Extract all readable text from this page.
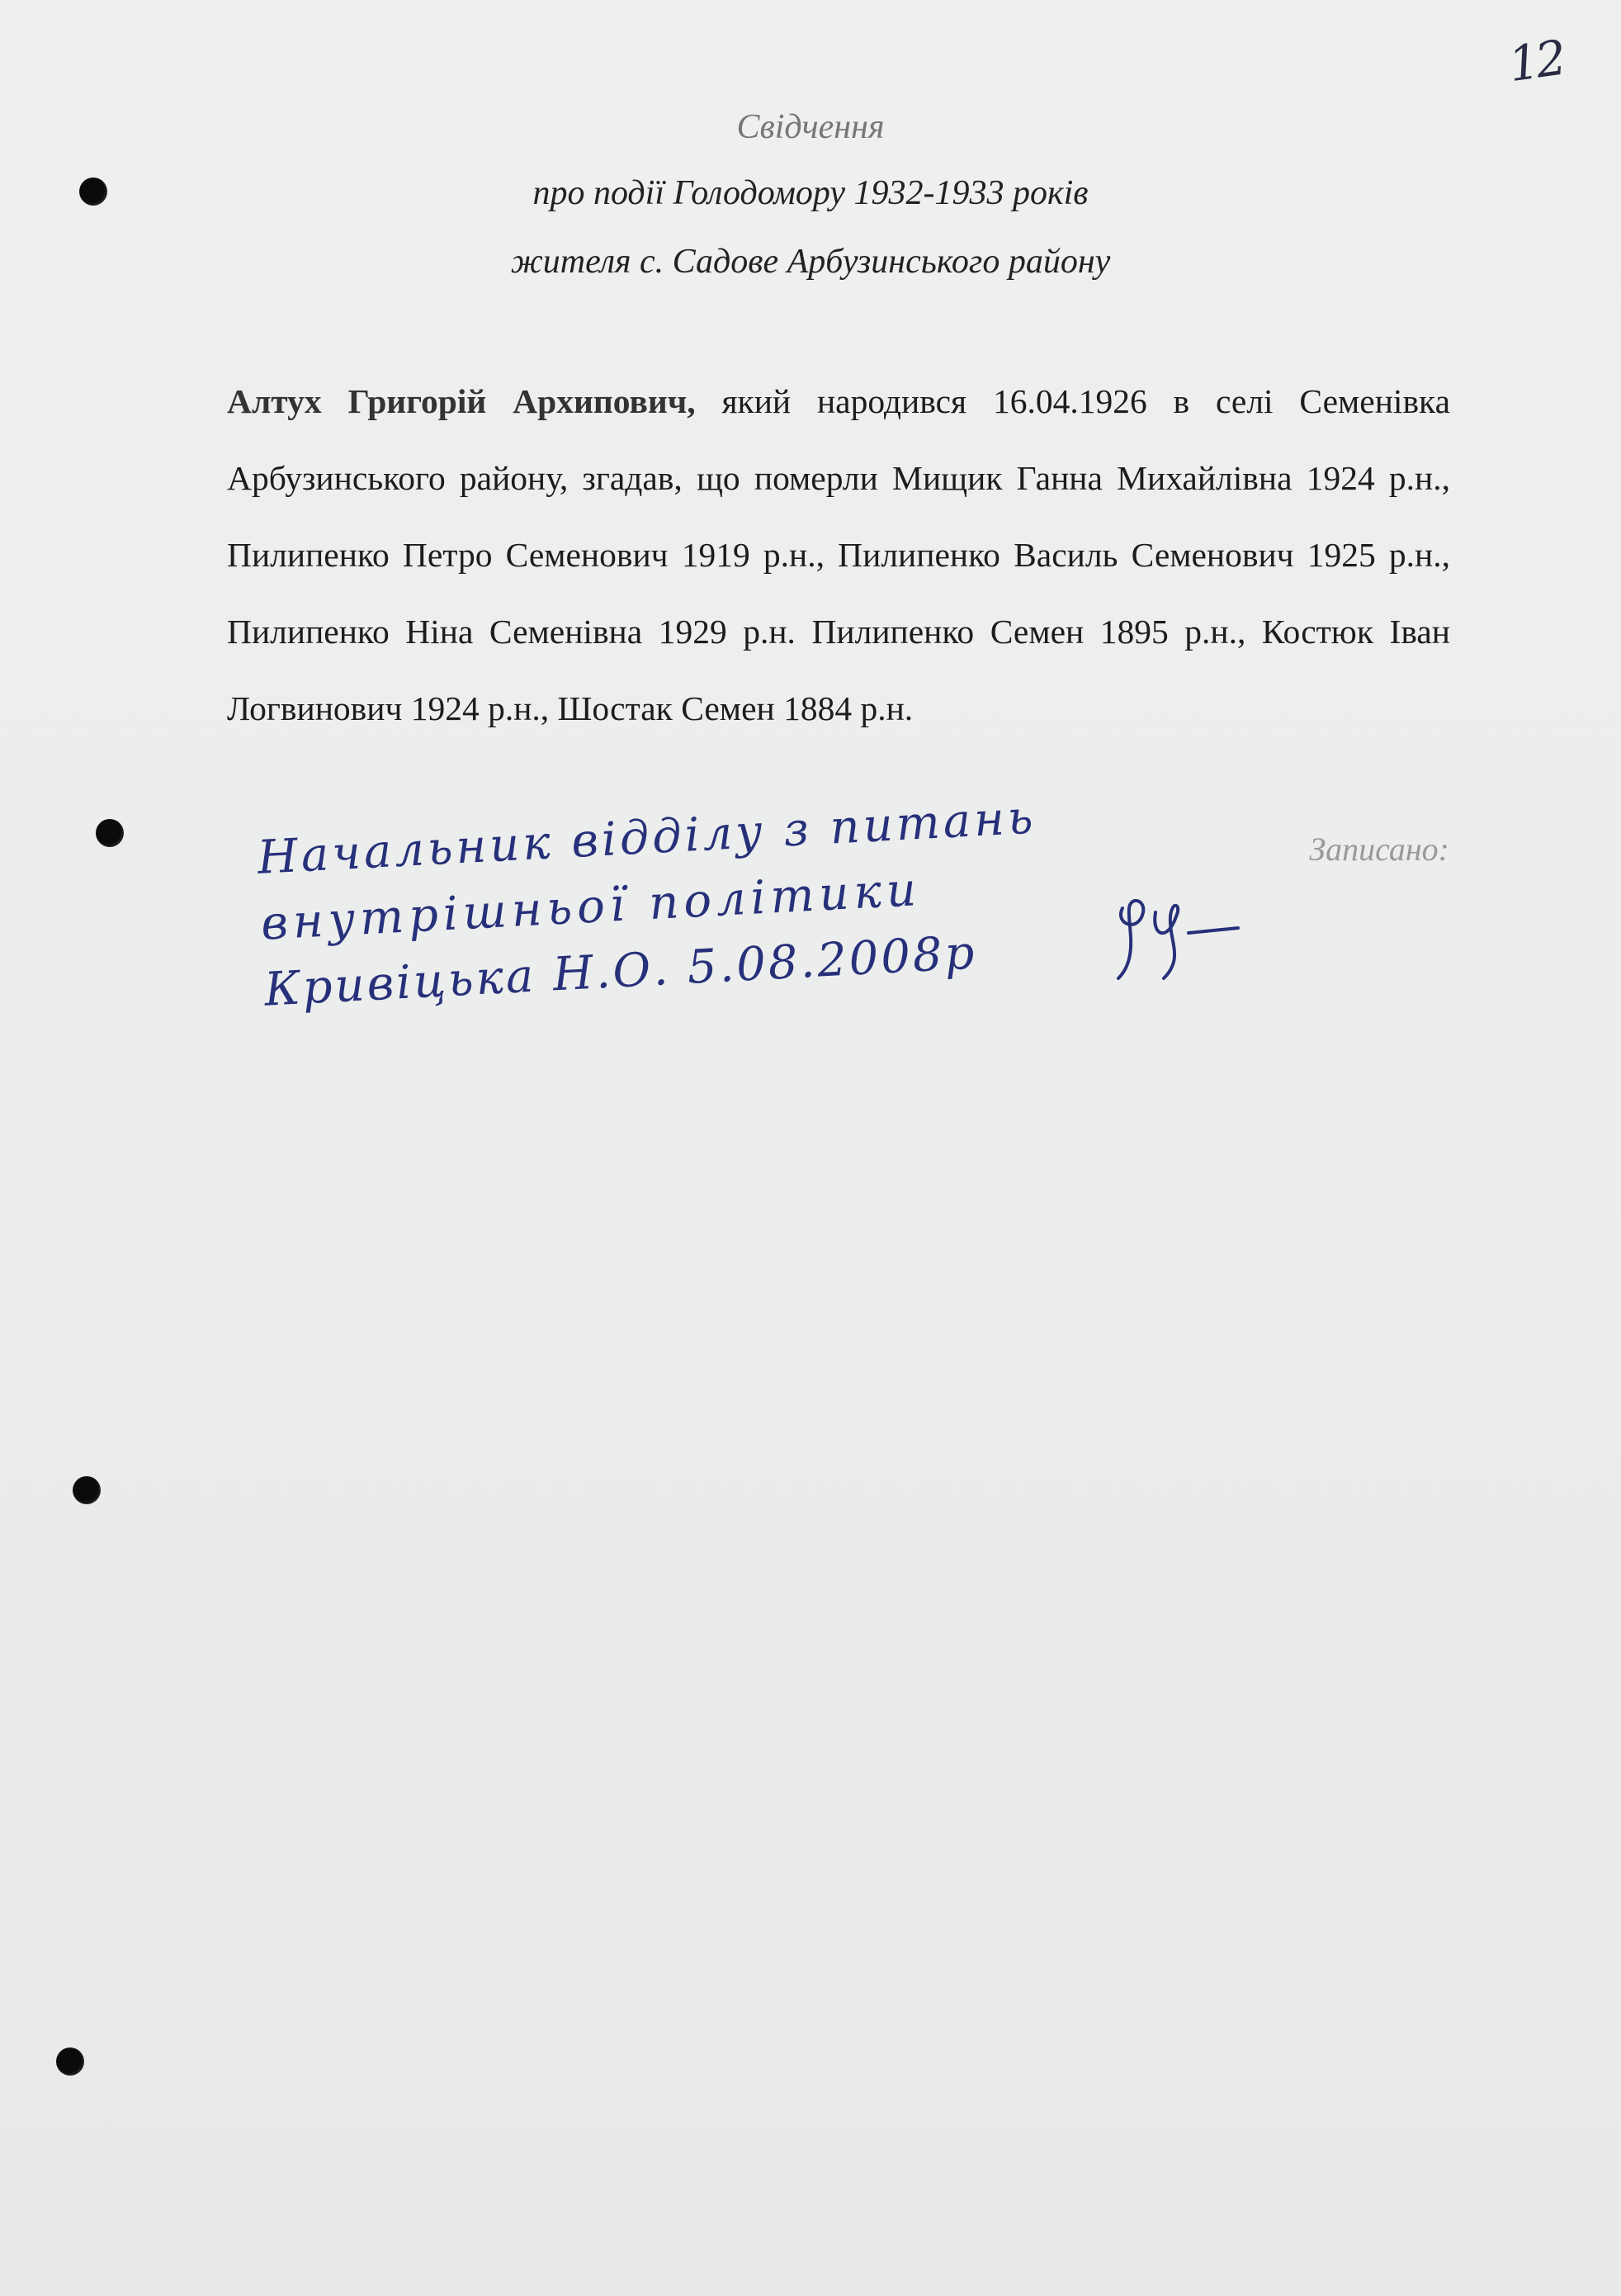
12
Свідчення
про події Голодомору 1932-1933 років
жителя с. Садове Арбузинського району

Алтух Григорій Архипович, який народився 16.04.1926 в селі Семенівка Арбузинського району, згадав, що померли Мищик Ганна Михайлівна 1924 р.н., Пилипенко Петро Семенович 1919 р.н., Пилипенко Василь Семенович 1925 р.н., Пилипенко Ніна Семенівна 1929 р.н. Пилипенко Семен 1895 р.н., Костюк Іван Логвинович 1924 р.н., Шостак Семен 1884 р.н.

Записано:
Начальник відділу з питань
внутрішньої політики
Кривіцька Н.О. 5.08.2008р
